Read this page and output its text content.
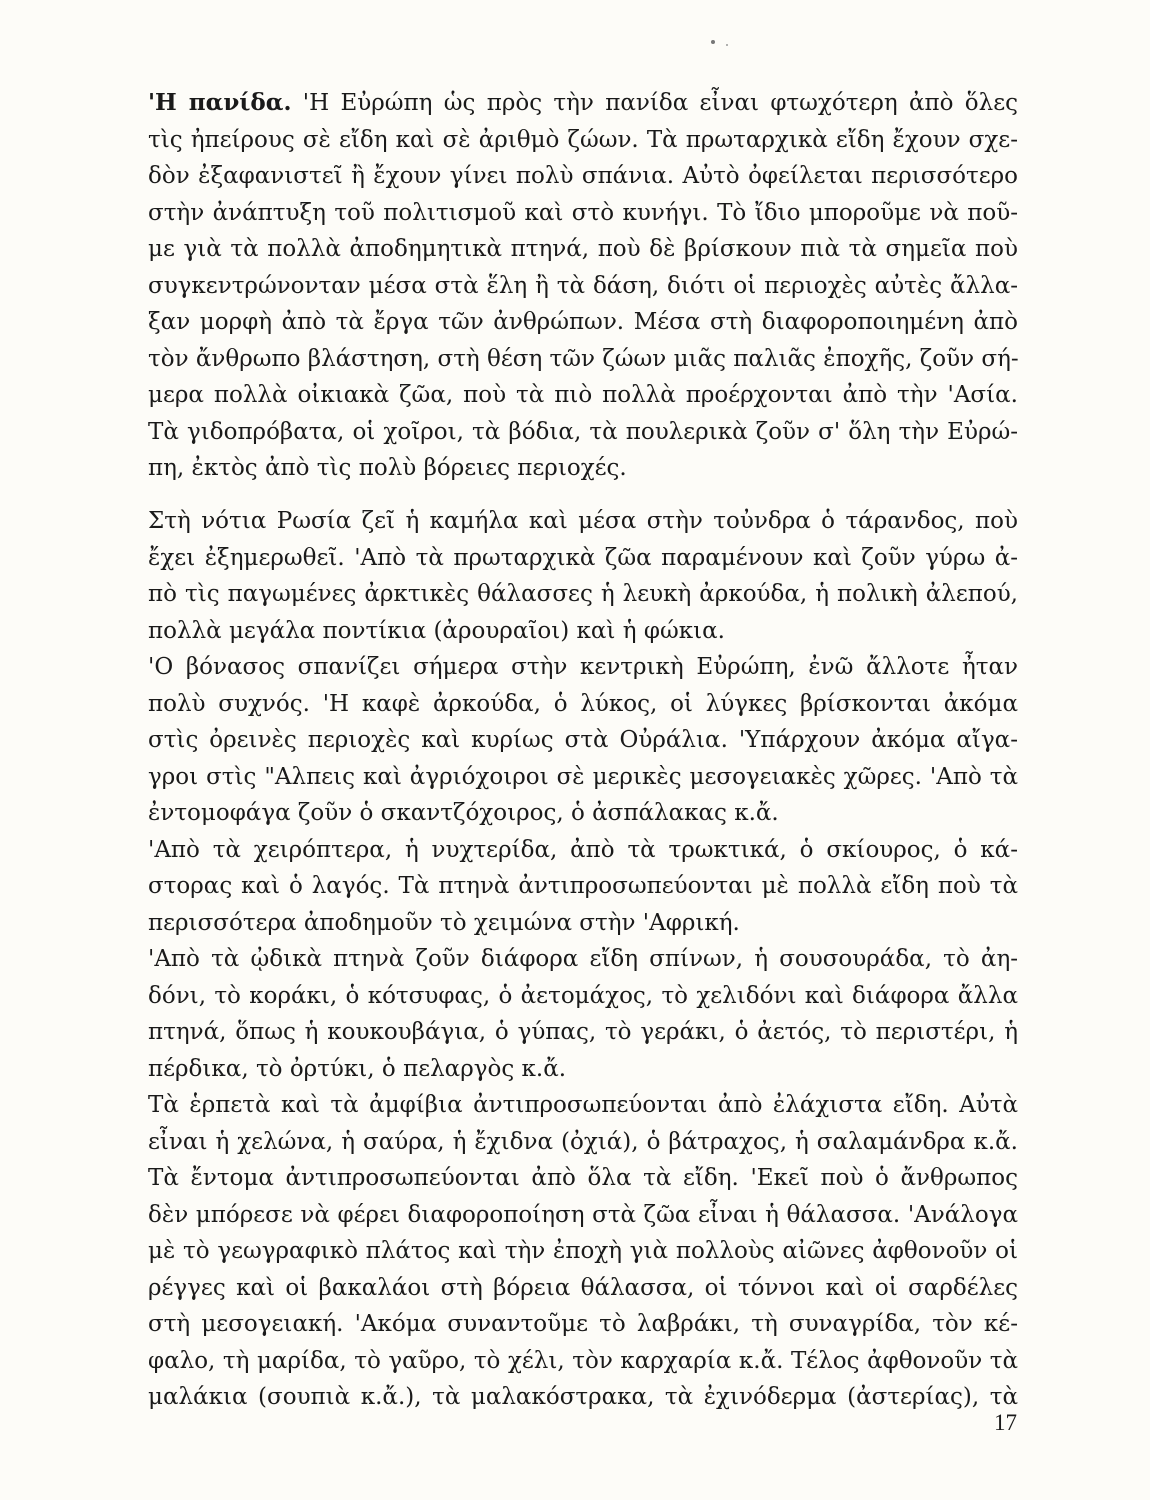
'Η πανίδα. 'Η Εὐρώπη ὡς πρὸς τὴν πανίδα εἶναι φτωχότερη ἀπὸ ὅλες
τὶς ἠπείρους σὲ εἴδη καὶ σὲ ἀριθμὸ ζώων. Τὰ πρωταρχικὰ εἴδη ἔχουν σχε-
δὸν ἐξαφανιστεῖ ἢ ἔχουν γίνει πολὺ σπάνια. Αὐτὸ ὀφείλεται περισσότερο
στὴν ἀνάπτυξη τοῦ πολιτισμοῦ καὶ στὸ κυνήγι. Τὸ ἴδιο μποροῦμε νὰ ποῦ-
με γιὰ τὰ πολλὰ ἀποδημητικὰ πτηνά, ποὺ δὲ βρίσκουν πιὰ τὰ σημεῖα ποὺ
συγκεντρώνονταν μέσα στὰ ἕλη ἢ τὰ δάση, διότι οἱ περιοχὲς αὐτὲς ἄλλα-
ξαν μορφὴ ἀπὸ τὰ ἔργα τῶν ἀνθρώπων. Μέσα στὴ διαφοροποιημένη ἀπὸ
τὸν ἄνθρωπο βλάστηση, στὴ θέση τῶν ζώων μιᾶς παλιᾶς ἐποχῆς, ζοῦν σή-
μερα πολλὰ οἰκιακὰ ζῶα, ποὺ τὰ πιὸ πολλὰ προέρχονται ἀπὸ τὴν 'Ασία.
Τὰ γιδοπρόβατα, οἱ χοῖροι, τὰ βόδια, τὰ πουλερικὰ ζοῦν σ' ὅλη τὴν Εὐρώ-
πη, ἐκτὸς ἀπὸ τὶς πολὺ βόρειες περιοχές.
Στὴ νότια Ρωσία ζεῖ ἡ καμήλα καὶ μέσα στὴν τοὐνδρα ὁ τάρανδος, ποὺ
ἔχει ἐξημερωθεῖ. 'Απὸ τὰ πρωταρχικὰ ζῶα παραμένουν καὶ ζοῦν γύρω ἀ-
πὸ τὶς παγωμένες ἀρκτικὲς θάλασσες ἡ λευκὴ ἀρκούδα, ἡ πολικὴ ἀλεπού,
πολλὰ μεγάλα ποντίκια (ἀρουραῖοι) καὶ ἡ φώκια.
'Ο βόνασος σπανίζει σήμερα στὴν κεντρικὴ Εὐρώπη, ἐνῶ ἄλλοτε ἦταν
πολὺ συχνός. 'Η καφὲ ἀρκούδα, ὁ λύκος, οἱ λύγκες βρίσκονται ἀκόμα
στὶς ὀρεινὲς περιοχὲς καὶ κυρίως στὰ Οὐράλια. 'Υπάρχουν ἀκόμα αἴγα-
γροι στὶς "Αλπεις καὶ ἀγριόχοιροι σὲ μερικὲς μεσογειακὲς χῶρες. 'Απὸ τὰ
ἐντομοφάγα ζοῦν ὁ σκαντζόχοιρος, ὁ ἀσπάλακας κ.ἄ.
'Απὸ τὰ χειρόπτερα, ἡ νυχτερίδα, ἀπὸ τὰ τρωκτικά, ὁ σκίουρος, ὁ κά-
στορας καὶ ὁ λαγός. Τὰ πτηνὰ ἀντιπροσωπεύονται μὲ πολλὰ εἴδη ποὺ τὰ
περισσότερα ἀποδημοῦν τὸ χειμώνα στὴν 'Αφρική.
'Απὸ τὰ ᾠδικὰ πτηνὰ ζοῦν διάφορα εἴδη σπίνων, ἡ σουσουράδα, τὸ ἀη-
δόνι, τὸ κοράκι, ὁ κότσυφας, ὁ ἀετομάχος, τὸ χελιδόνι καὶ διάφορα ἄλλα
πτηνά, ὅπως ἡ κουκουβάγια, ὁ γύπας, τὸ γεράκι, ὁ ἀετός, τὸ περιστέρι, ἡ
πέρδικα, τὸ ὀρτύκι, ὁ πελαργὸς κ.ἄ.
Τὰ ἑρπετὰ καὶ τὰ ἀμφίβια ἀντιπροσωπεύονται ἀπὸ ἐλάχιστα εἴδη. Αὐτὰ
εἶναι ἡ χελώνα, ἡ σαύρα, ἡ ἔχιδνα (ὀχιά), ὁ βάτραχος, ἡ σαλαμάνδρα κ.ἄ.
Τὰ ἔντομα ἀντιπροσωπεύονται ἀπὸ ὅλα τὰ εἴδη. 'Εκεῖ ποὺ ὁ ἄνθρωπος
δὲν μπόρεσε νὰ φέρει διαφοροποίηση στὰ ζῶα εἶναι ἡ θάλασσα. 'Ανάλογα
μὲ τὸ γεωγραφικὸ πλάτος καὶ τὴν ἐποχὴ γιὰ πολλοὺς αἰῶνες ἀφθονοῦν οἱ
ρέγγες καὶ οἱ βακαλάοι στὴ βόρεια θάλασσα, οἱ τόννοι καὶ οἱ σαρδέλες
στὴ μεσογειακή. 'Ακόμα συναντοῦμε τὸ λαβράκι, τὴ συναγρίδα, τὸν κέ-
φαλο, τὴ μαρίδα, τὸ γαῦρο, τὸ χέλι, τὸν καρχαρία κ.ἄ. Τέλος ἀφθονοῦν τὰ
μαλάκια (σουπιὰ κ.ἄ.), τὰ μαλακόστρακα, τὰ ἐχινόδερμα (ἀστερίας), τὰ
17
